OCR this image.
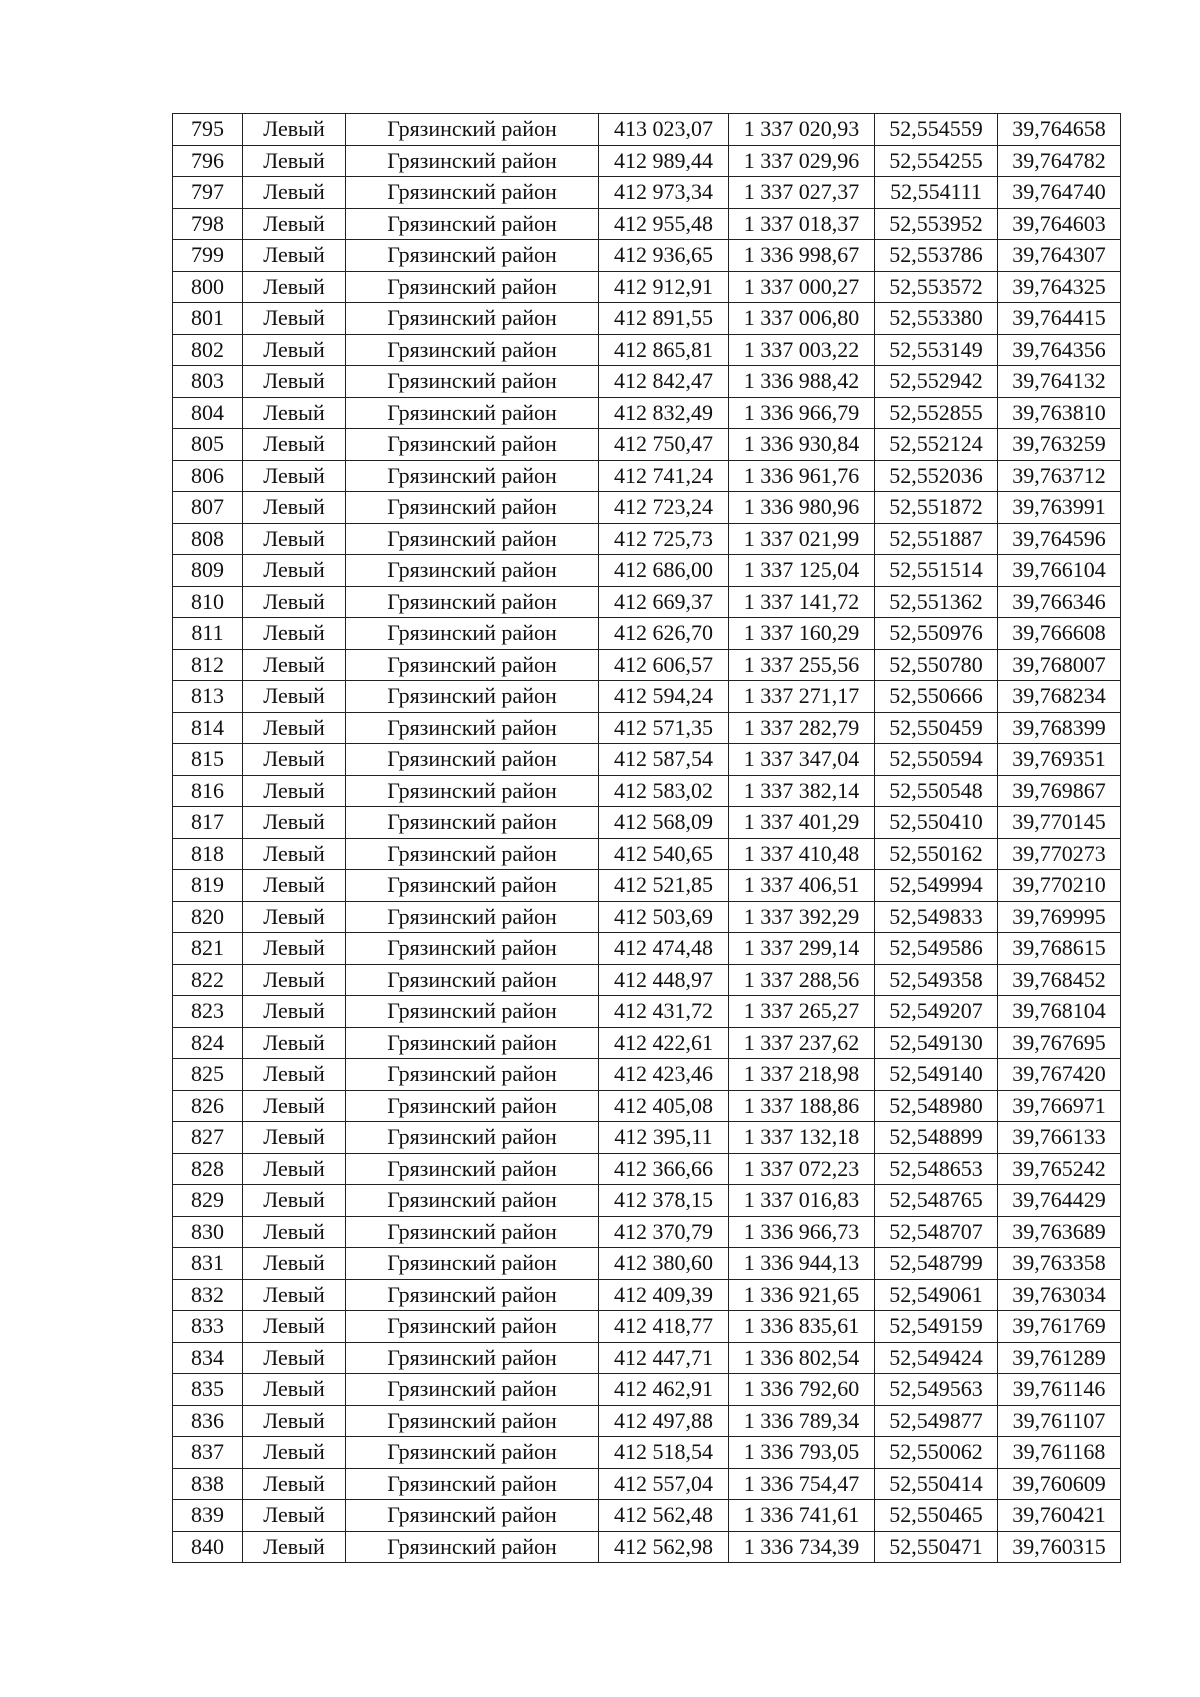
795	Левый	Грязинский район	413 023,07	1 337 020,93	52,554559	39,764658
796	Левый	Грязинский район	412 989,44	1 337 029,96	52,554255	39,764782
797	Левый	Грязинский район	412 973,34	1 337 027,37	52,554111	39,764740
798	Левый	Грязинский район	412 955,48	1 337 018,37	52,553952	39,764603
799	Левый	Грязинский район	412 936,65	1 336 998,67	52,553786	39,764307
800	Левый	Грязинский район	412 912,91	1 337 000,27	52,553572	39,764325
801	Левый	Грязинский район	412 891,55	1 337 006,80	52,553380	39,764415
802	Левый	Грязинский район	412 865,81	1 337 003,22	52,553149	39,764356
803	Левый	Грязинский район	412 842,47	1 336 988,42	52,552942	39,764132
804	Левый	Грязинский район	412 832,49	1 336 966,79	52,552855	39,763810
805	Левый	Грязинский район	412 750,47	1 336 930,84	52,552124	39,763259
806	Левый	Грязинский район	412 741,24	1 336 961,76	52,552036	39,763712
807	Левый	Грязинский район	412 723,24	1 336 980,96	52,551872	39,763991
808	Левый	Грязинский район	412 725,73	1 337 021,99	52,551887	39,764596
809	Левый	Грязинский район	412 686,00	1 337 125,04	52,551514	39,766104
810	Левый	Грязинский район	412 669,37	1 337 141,72	52,551362	39,766346
811	Левый	Грязинский район	412 626,70	1 337 160,29	52,550976	39,766608
812	Левый	Грязинский район	412 606,57	1 337 255,56	52,550780	39,768007
813	Левый	Грязинский район	412 594,24	1 337 271,17	52,550666	39,768234
814	Левый	Грязинский район	412 571,35	1 337 282,79	52,550459	39,768399
815	Левый	Грязинский район	412 587,54	1 337 347,04	52,550594	39,769351
816	Левый	Грязинский район	412 583,02	1 337 382,14	52,550548	39,769867
817	Левый	Грязинский район	412 568,09	1 337 401,29	52,550410	39,770145
818	Левый	Грязинский район	412 540,65	1 337 410,48	52,550162	39,770273
819	Левый	Грязинский район	412 521,85	1 337 406,51	52,549994	39,770210
820	Левый	Грязинский район	412 503,69	1 337 392,29	52,549833	39,769995
821	Левый	Грязинский район	412 474,48	1 337 299,14	52,549586	39,768615
822	Левый	Грязинский район	412 448,97	1 337 288,56	52,549358	39,768452
823	Левый	Грязинский район	412 431,72	1 337 265,27	52,549207	39,768104
824	Левый	Грязинский район	412 422,61	1 337 237,62	52,549130	39,767695
825	Левый	Грязинский район	412 423,46	1 337 218,98	52,549140	39,767420
826	Левый	Грязинский район	412 405,08	1 337 188,86	52,548980	39,766971
827	Левый	Грязинский район	412 395,11	1 337 132,18	52,548899	39,766133
828	Левый	Грязинский район	412 366,66	1 337 072,23	52,548653	39,765242
829	Левый	Грязинский район	412 378,15	1 337 016,83	52,548765	39,764429
830	Левый	Грязинский район	412 370,79	1 336 966,73	52,548707	39,763689
831	Левый	Грязинский район	412 380,60	1 336 944,13	52,548799	39,763358
832	Левый	Грязинский район	412 409,39	1 336 921,65	52,549061	39,763034
833	Левый	Грязинский район	412 418,77	1 336 835,61	52,549159	39,761769
834	Левый	Грязинский район	412 447,71	1 336 802,54	52,549424	39,761289
835	Левый	Грязинский район	412 462,91	1 336 792,60	52,549563	39,761146
836	Левый	Грязинский район	412 497,88	1 336 789,34	52,549877	39,761107
837	Левый	Грязинский район	412 518,54	1 336 793,05	52,550062	39,761168
838	Левый	Грязинский район	412 557,04	1 336 754,47	52,550414	39,760609
839	Левый	Грязинский район	412 562,48	1 336 741,61	52,550465	39,760421
840	Левый	Грязинский район	412 562,98	1 336 734,39	52,550471	39,760315
